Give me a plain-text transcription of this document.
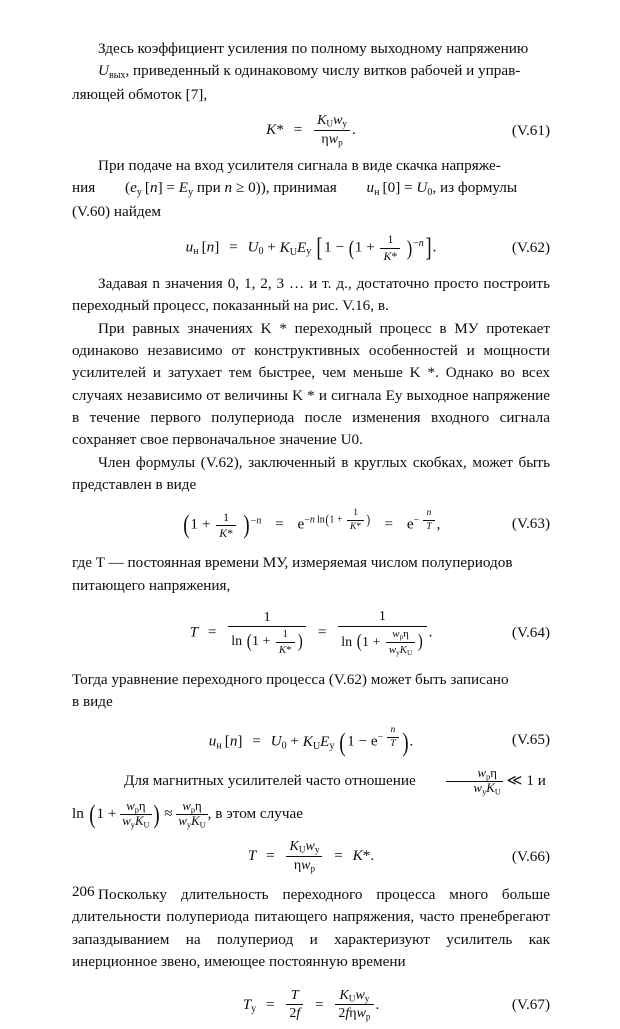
Здесь коэффициент усиления по полному выходному напряжению
$U_{вых}$, приведенный к одинаковому числу витков рабочей и управ-
ляющей обмоток [7],

$K* = \frac{K_Uw_у}{\eta w_р}$ .	(V.61)

При подаче на вход усилителя сигнала в виде скачка напряже-
ния ($e_у$ $[n] = E_у$ при n ≥ 0)), принимая $u_н$ $[0] = U_0$, из формулы
(V.60) найдем

$u_н$ $[n] = U_0 + K_UE_у$ $[1 - (1 + \frac{1}{K*} )^{-n}]$.	(V.62)

Задавая n значения 0, 1, 2, 3 … и т. д., достаточно просто построить переходный процесс, показанный на рис. V.16, в.

При равных значениях K * переходный процесс в МУ протекает одинаково независимо от конструктивных особенностей и мощности усилителей и затухает тем быстрее, чем меньше K *. Однако во всех случаях независимо от величины K * и сигнала Eу выходное напряжение в течение первого полупериода после изменения входного сигнала сохраняет свое первоначальное значение U0.

Член формулы (V.62), заключенный в круглых скобках, может быть представлен в виде

$(1 + \frac{1}{K*} )^{-n} = e-n$ $\ln(1 + \frac{1}{K*}$ ) = $e- \frac{n}{T}$ ,	(V.63)

где T — постоянная времени МУ, измеряемая числом полупериодов
питающего напряжения,

$T = \frac{1}{\ln (1 + \frac{1}{K*} )} = \frac{1}{\ln (1 + \frac{w_р\eta}{w_уK_U} )}$ .	(V.64)

Тогда уравнение переходного процесса (V.62) может быть записано
в виде

$u_н$ $[n] = U_0 + K_UE_у$ ($1 - e- \frac{n}{T}$ ).	(V.65)

Для магнитных усилителей часто отношение $\frac{w_р\eta}{w_уK_U}$ ≪ 1 и

$\ln (1 + \frac{w_р\eta}{w_уK_U}$ ) ≈ $\frac{w_р\eta}{w_уK_U}$ , в этом случае

$T = \frac{K_Uw_у}{\eta w_р} = K*$.	(V.66)

Поскольку длительность переходного процесса много больше длительности полупериода питающего напряжения, часто пренебрегают запаздыванием на полупериод и характеризуют усилитель как инерционное звено, имеющее постоянную времени

$T_у = \frac{T}{2f} = \frac{K_Uw_у}{2f\eta w_р}$ .	(V.67)
206
